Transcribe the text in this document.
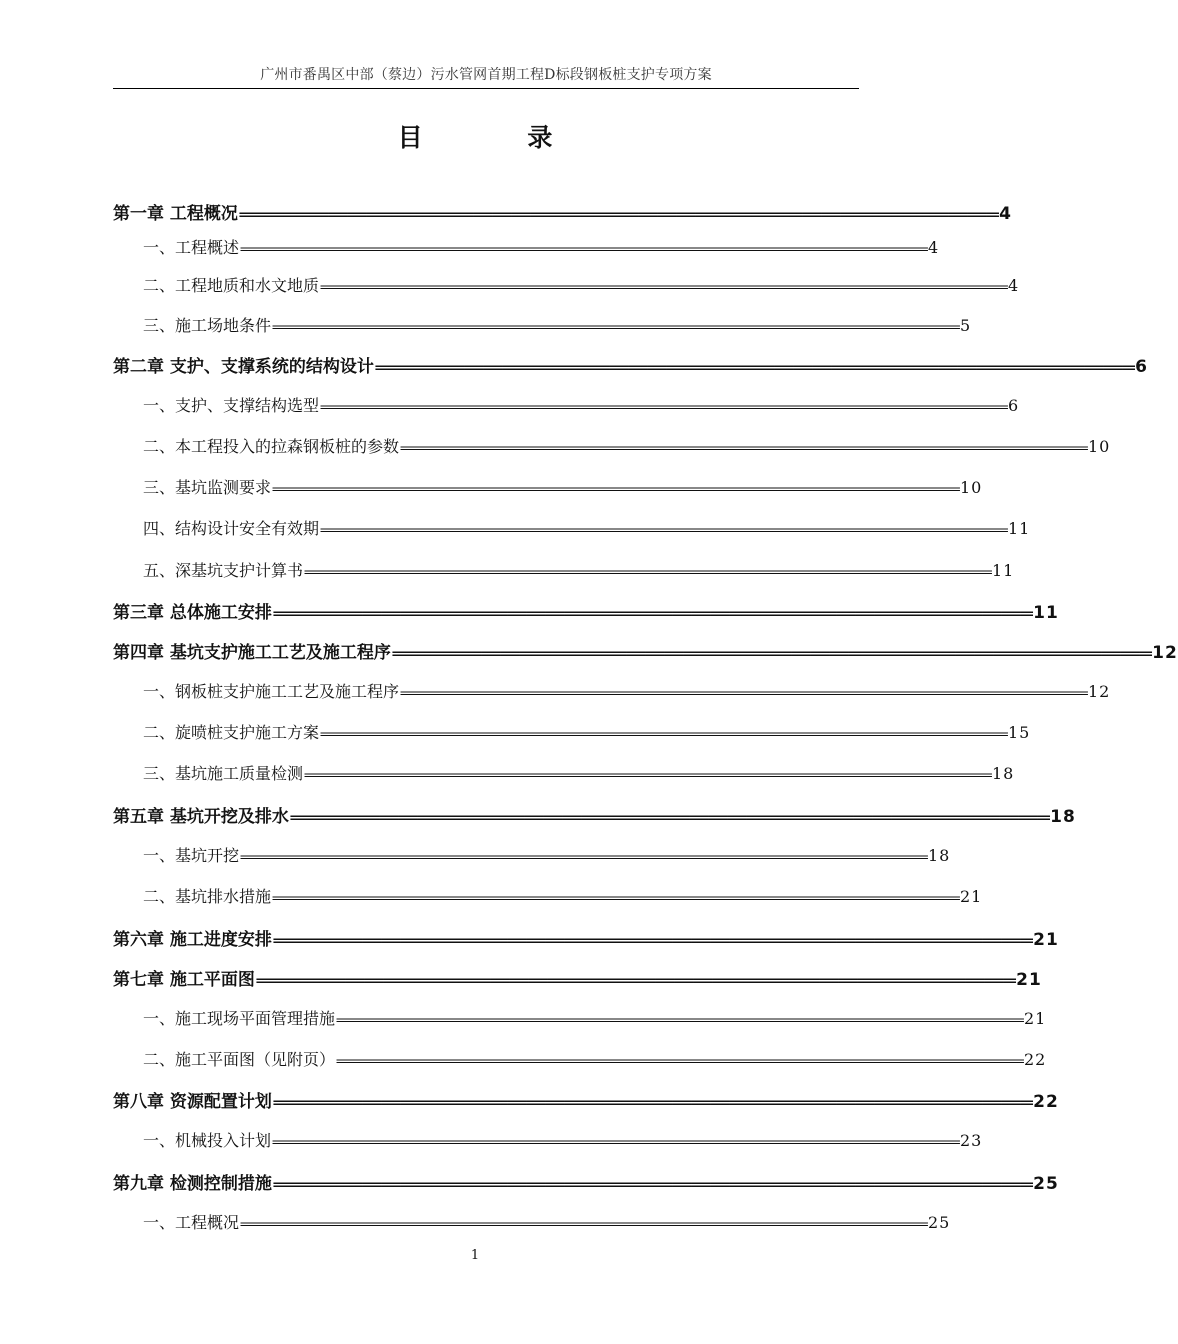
广州市番禺区中部（蔡边）污水管网首期工程D标段钢板桩支护专项方案
目 录
第一章 工程概况 ======================================================================================================================== 4
一、工程概述 ======================================================================================================================== 4
二、工程地质和水文地质 ======================================================================================================================== 4
三、施工场地条件 ======================================================================================================================== 5
第二章 支护、支撑系统的结构设计 ======================================================================================================================== 6
一、支护、支撑结构选型 ======================================================================================================================== 6
二、本工程投入的拉森钢板桩的参数 ======================================================================================================================== 10
三、基坑监测要求 ======================================================================================================================== 10
四、结构设计安全有效期 ======================================================================================================================== 11
五、深基坑支护计算书 ======================================================================================================================== 11
第三章 总体施工安排 ======================================================================================================================== 11
第四章 基坑支护施工工艺及施工程序 ======================================================================================================================== 12
一、钢板桩支护施工工艺及施工程序 ======================================================================================================================== 12
二、旋喷桩支护施工方案 ======================================================================================================================== 15
三、基坑施工质量检测 ======================================================================================================================== 18
第五章 基坑开挖及排水 ======================================================================================================================== 18
一、基坑开挖 ======================================================================================================================== 18
二、基坑排水措施 ======================================================================================================================== 21
第六章 施工进度安排 ======================================================================================================================== 21
第七章 施工平面图 ======================================================================================================================== 21
一、施工现场平面管理措施 ======================================================================================================================== 21
二、施工平面图（见附页） ======================================================================================================================== 22
第八章 资源配置计划 ======================================================================================================================== 22
一、机械投入计划 ======================================================================================================================== 23
第九章 检测控制措施 ======================================================================================================================== 25
一、工程概况 ======================================================================================================================== 25
1
